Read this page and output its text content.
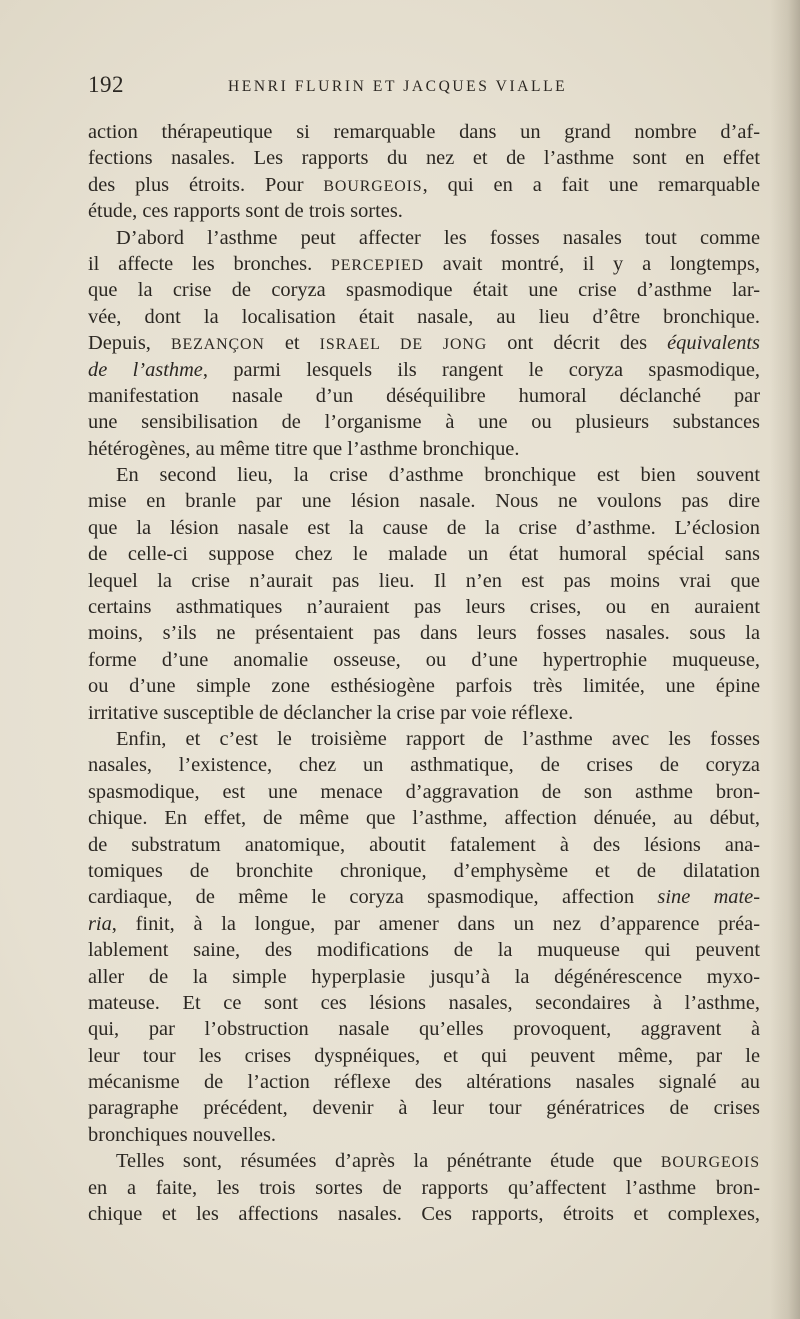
192	HENRI FLURIN ET JACQUES VIALLE
action thérapeutique si remarquable dans un grand nombre d’af-
fections nasales. Les rapports du nez et de l’asthme sont en effet
des plus étroits. Pour BOURGEOIS, qui en a fait une remarquable
étude, ces rapports sont de trois sortes.
D’abord l’asthme peut affecter les fosses nasales tout comme
il affecte les bronches. PERCEPIED avait montré, il y a longtemps,
que la crise de coryza spasmodique était une crise d’asthme lar-
vée, dont la localisation était nasale, au lieu d’être bronchique.
Depuis, BEZANÇON et ISRAEL DE JONG ont décrit des équivalents
de l’asthme, parmi lesquels ils rangent le coryza spasmodique,
manifestation nasale d’un déséquilibre humoral déclanché par
une sensibilisation de l’organisme à une ou plusieurs substances
hétérogènes, au même titre que l’asthme bronchique.
En second lieu, la crise d’asthme bronchique est bien souvent
mise en branle par une lésion nasale. Nous ne voulons pas dire
que la lésion nasale est la cause de la crise d’asthme. L’éclosion
de celle-ci suppose chez le malade un état humoral spécial sans
lequel la crise n’aurait pas lieu. Il n’en est pas moins vrai que
certains asthmatiques n’auraient pas leurs crises, ou en auraient
moins, s’ils ne présentaient pas dans leurs fosses nasales. sous la
forme d’une anomalie osseuse, ou d’une hypertrophie muqueuse,
ou d’une simple zone esthésiogène parfois très limitée, une épine
irritative susceptible de déclancher la crise par voie réflexe.
Enfin, et c’est le troisième rapport de l’asthme avec les fosses
nasales, l’existence, chez un asthmatique, de crises de coryza
spasmodique, est une menace d’aggravation de son asthme bron-
chique. En effet, de même que l’asthme, affection dénuée, au début,
de substratum anatomique, aboutit fatalement à des lésions ana-
tomiques de bronchite chronique, d’emphysème et de dilatation
cardiaque, de même le coryza spasmodique, affection sine mate-
ria, finit, à la longue, par amener dans un nez d’apparence préa-
lablement saine, des modifications de la muqueuse qui peuvent
aller de la simple hyperplasie jusqu’à la dégénérescence myxo-
mateuse. Et ce sont ces lésions nasales, secondaires à l’asthme,
qui, par l’obstruction nasale qu’elles provoquent, aggravent à
leur tour les crises dyspnéiques, et qui peuvent même, par le
mécanisme de l’action réflexe des altérations nasales signalé au
paragraphe précédent, devenir à leur tour génératrices de crises
bronchiques nouvelles.
Telles sont, résumées d’après la pénétrante étude que BOURGEOIS
en a faite, les trois sortes de rapports qu’affectent l’asthme bron-
chique et les affections nasales. Ces rapports, étroits et complexes,
